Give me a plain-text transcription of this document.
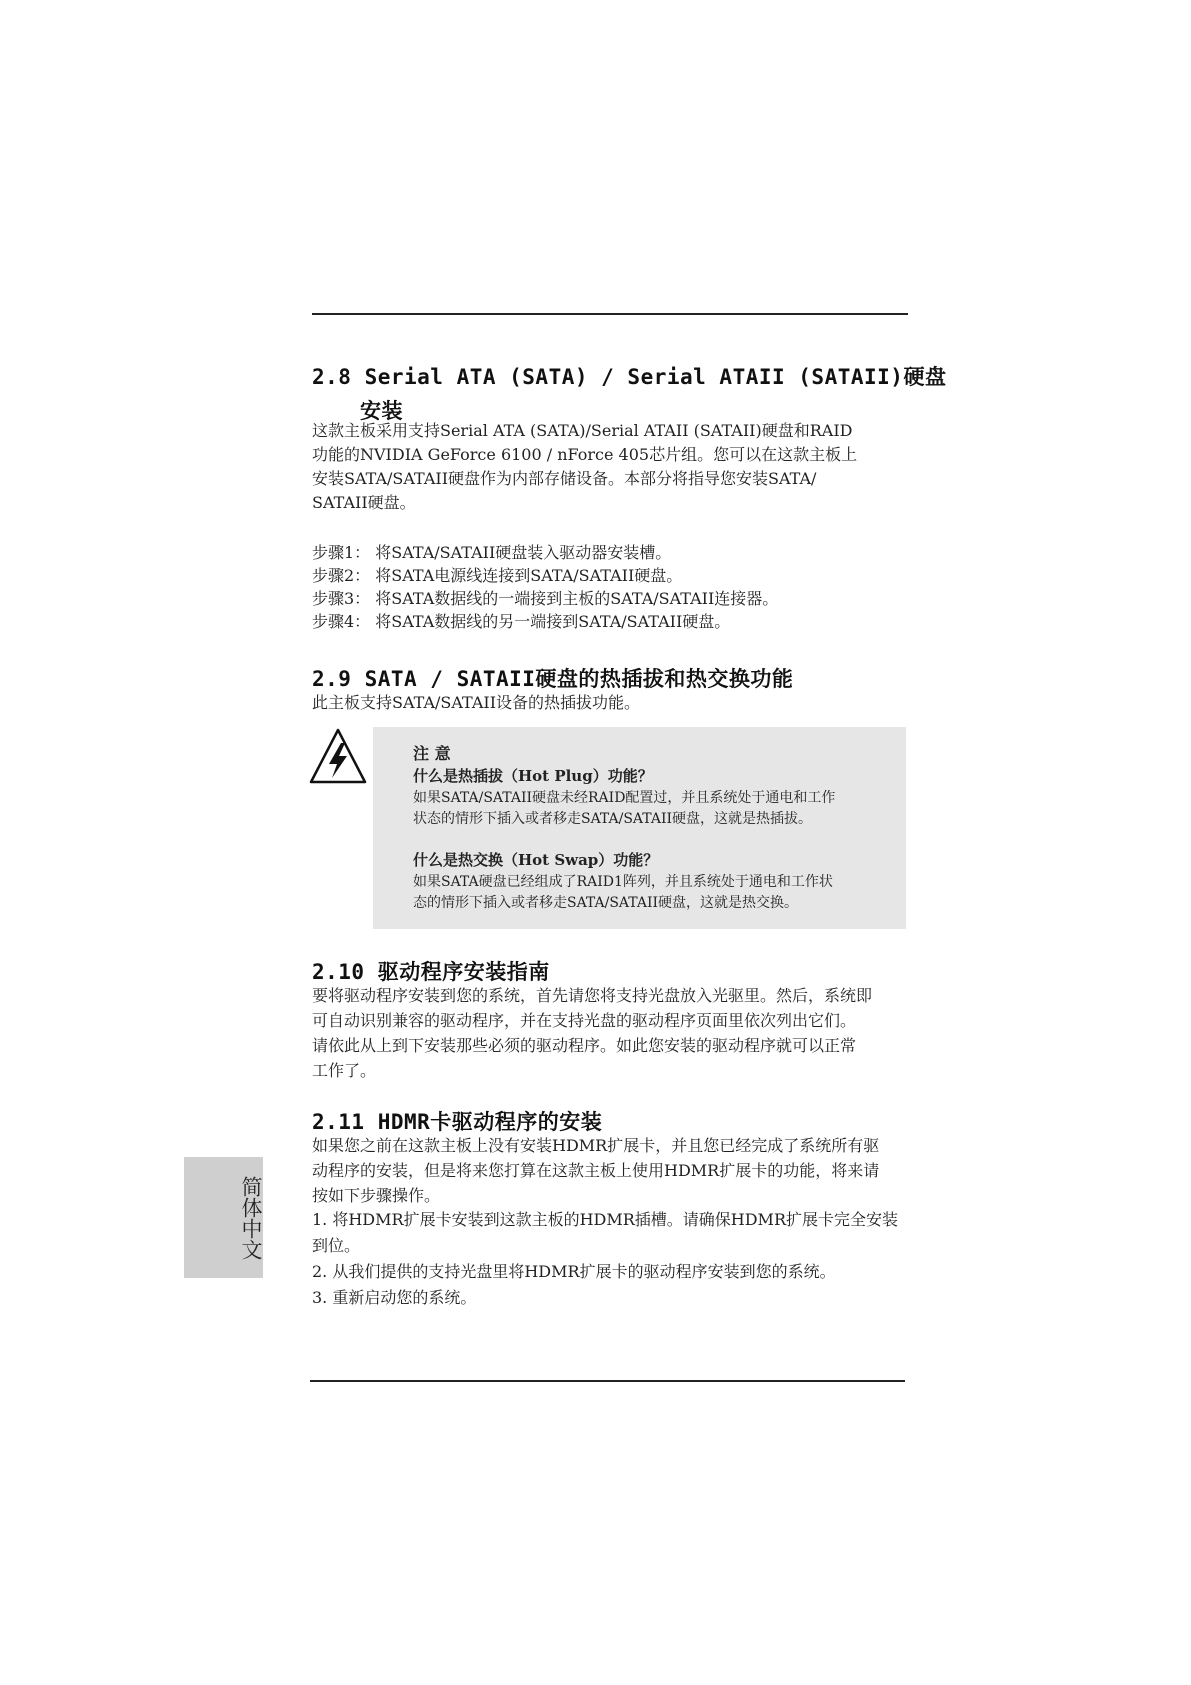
2.8 Serial ATA (SATA) / Serial ATAII (SATAII)硬盘
安装
这款主板采用支持Serial ATA (SATA)/Serial ATAII (SATAII)硬盘和RAID
功能的NVIDIA GeForce 6100 / nForce 405芯片组。您可以在这款主板上
安装SATA/SATAII硬盘作为内部存储设备。本部分将指导您安装SATA/
SATAII硬盘。
步骤1： 将SATA/SATAII硬盘装入驱动器安装槽。
步骤2： 将SATA电源线连接到SATA/SATAII硬盘。
步骤3： 将SATA数据线的一端接到主板的SATA/SATAII连接器。
步骤4： 将SATA数据线的另一端接到SATA/SATAII硬盘。
2.9 SATA / SATAII硬盘的热插拔和热交换功能
此主板支持SATA/SATAII设备的热插拔功能。
注 意
什么是热插拔（Hot Plug）功能？
如果SATA/SATAII硬盘未经RAID配置过，并且系统处于通电和工作
状态的情形下插入或者移走SATA/SATAII硬盘，这就是热插拔。
什么是热交换（Hot Swap）功能？
如果SATA硬盘已经组成了RAID1阵列，并且系统处于通电和工作状
态的情形下插入或者移走SATA/SATAII硬盘，这就是热交换。
2.10 驱动程序安装指南
要将驱动程序安装到您的系统，首先请您将支持光盘放入光驱里。然后，系统即
可自动识别兼容的驱动程序，并在支持光盘的驱动程序页面里依次列出它们。
请依此从上到下安装那些必须的驱动程序。如此您安装的驱动程序就可以正常
工作了。
2.11 HDMR卡驱动程序的安装
如果您之前在这款主板上没有安装HDMR扩展卡，并且您已经完成了系统所有驱
动程序的安装，但是将来您打算在这款主板上使用HDMR扩展卡的功能，将来请
按如下步骤操作。
1. 将HDMR扩展卡安装到这款主板的HDMR插槽。请确保HDMR扩展卡完全安装
到位。
2. 从我们提供的支持光盘里将HDMR扩展卡的驱动程序安装到您的系统。
3. 重新启动您的系统。
简体中文
